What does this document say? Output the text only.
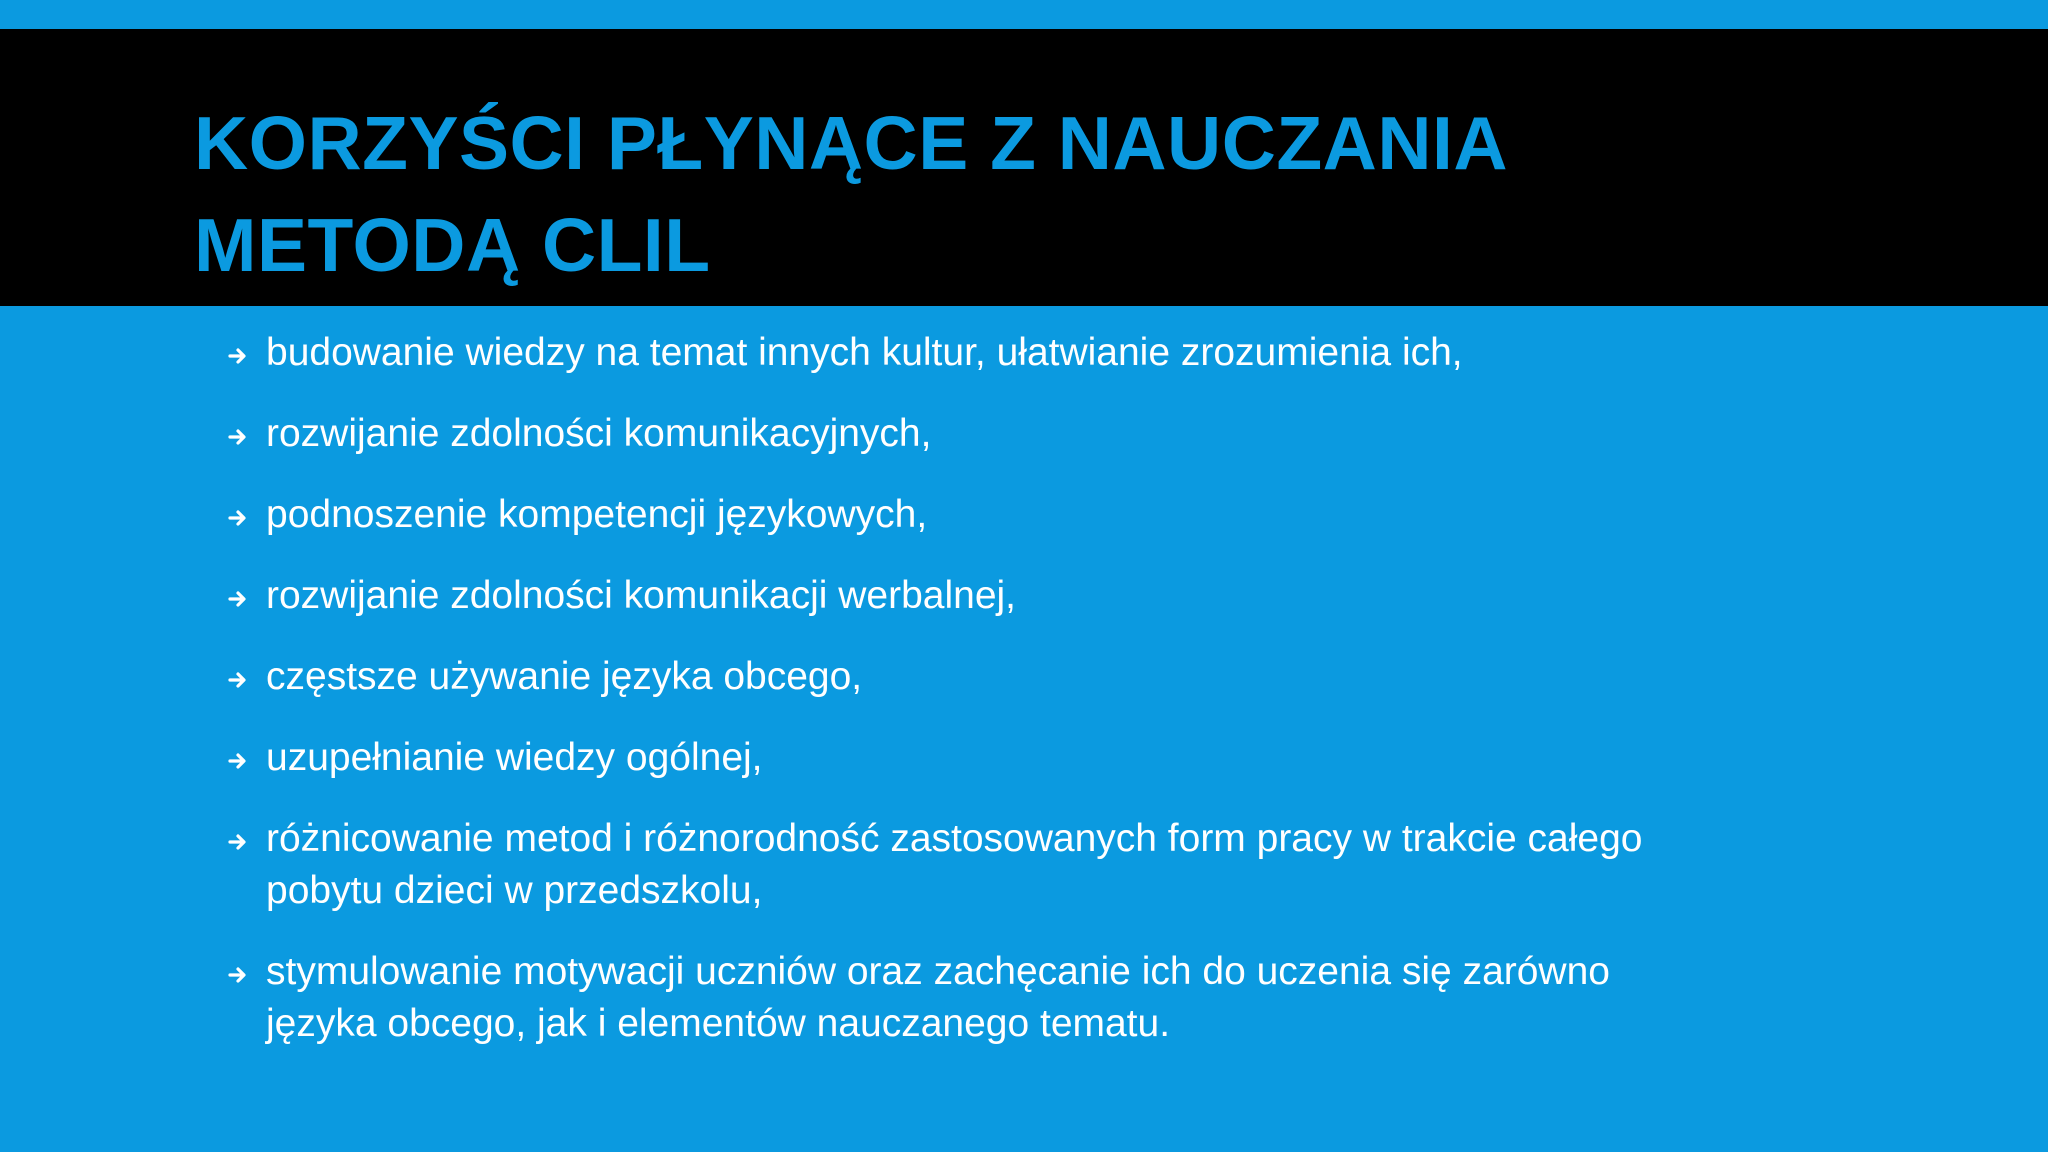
KORZYŚCI PŁYNĄCE Z NAUCZANIA
METODĄ CLIL
budowanie wiedzy na temat innych kultur, ułatwianie zrozumienia ich,
rozwijanie zdolności komunikacyjnych,
podnoszenie kompetencji językowych,
rozwijanie zdolności komunikacji werbalnej,
częstsze używanie języka obcego,
uzupełnianie wiedzy ogólnej,
różnicowanie metod i różnorodność zastosowanych form pracy w trakcie całego
pobytu dzieci w przedszkolu,
stymulowanie motywacji uczniów oraz zachęcanie ich do uczenia się zarówno
języka obcego, jak i elementów nauczanego tematu.
